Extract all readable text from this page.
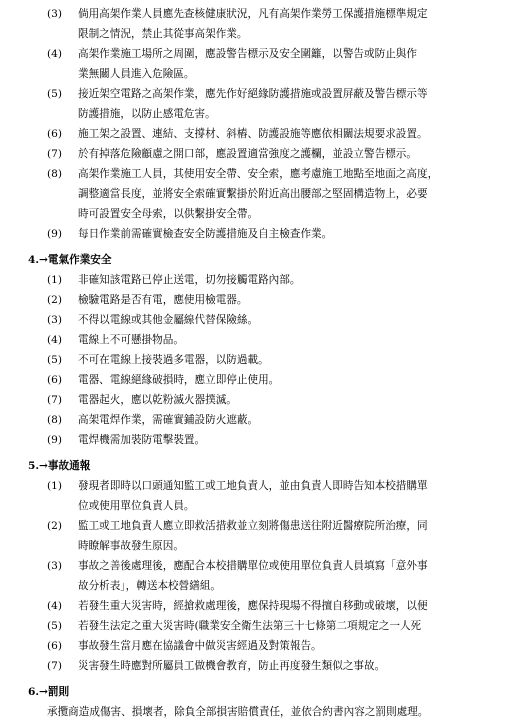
(3)	倘用高架作業人員應先查核健康狀況，凡有高架作業勞工保護措施標準規定
限制之情況，禁止其從事高架作業。
(4)	高架作業施工場所之周圍，應設警告標示及安全圍籬，以警告或防止與作
業無關人員進入危險區。
(5)	接近架空電路之高架作業，應先作好絕緣防護措施或設置屏蔽及警告標示等
防護措施，以防止感電危害。
(6)	施工架之設置、連結、支撐材、斜樁、防護設施等應依相關法規要求設置。
(7)	於有掉落危險顧慮之開口部，應設置適當強度之護欄，並設立警告標示。
(8)	高架作業施工人員，其使用安全帶、安全索，應考慮施工地點至地面之高度，
調整適當長度，並將安全索確實繫掛於附近高出腰部之堅固構造物上，必要
時可設置安全母索，以供繫掛安全帶。
(9)	每日作業前需確實檢查安全防護措施及自主檢查作業。
4.→電氣作業安全
(1)	非確知該電路已停止送電，切勿接觸電路內部。
(2)	檢驗電路是否有電，應使用檢電器。
(3)	不得以電線或其他金屬線代替保險絲。
(4)	電線上不可懸掛物品。
(5)	不可在電線上接裝過多電器，以防過載。
(6)	電器、電線絕緣破損時，應立即停止使用。
(7)	電器起火，應以乾粉滅火器撲滅。
(8)	高架電焊作業，需確實鋪設防火遮蔽。
(9)	電焊機需加裝防電擊裝置。
5.→事故通報
(1)	發現者即時以口頭通知監工或工地負責人，並由負責人即時告知本校措購單
位或使用單位負責人員。
(2)	監工或工地負責人應立即救活措救並立刻將傷患送往附近醫療院所治療，同
時瞭解事故發生原因。
(3)	事故之善後處理後，應配合本校措購單位或使用單位負責人員填寫「意外事
故分析表」，轉送本校營繕組。
(4)	若發生重大災害時，經搶救處理後，應保持現場不得擅自移動或破壞，以便
(5)	若發生法定之重大災害時(職業安全衛生法第三十七條第二項規定之一人死
(6)	事故發生當月應在協議會中做災害經過及對策報告。
(7)	災害發生時應對所屬員工做機會教育，防止再度發生類似之事故。
6.→罰則
承攬商造成傷害、損壞者，除負全部損害賠償責任，並依合約書內容之罰則處理。
